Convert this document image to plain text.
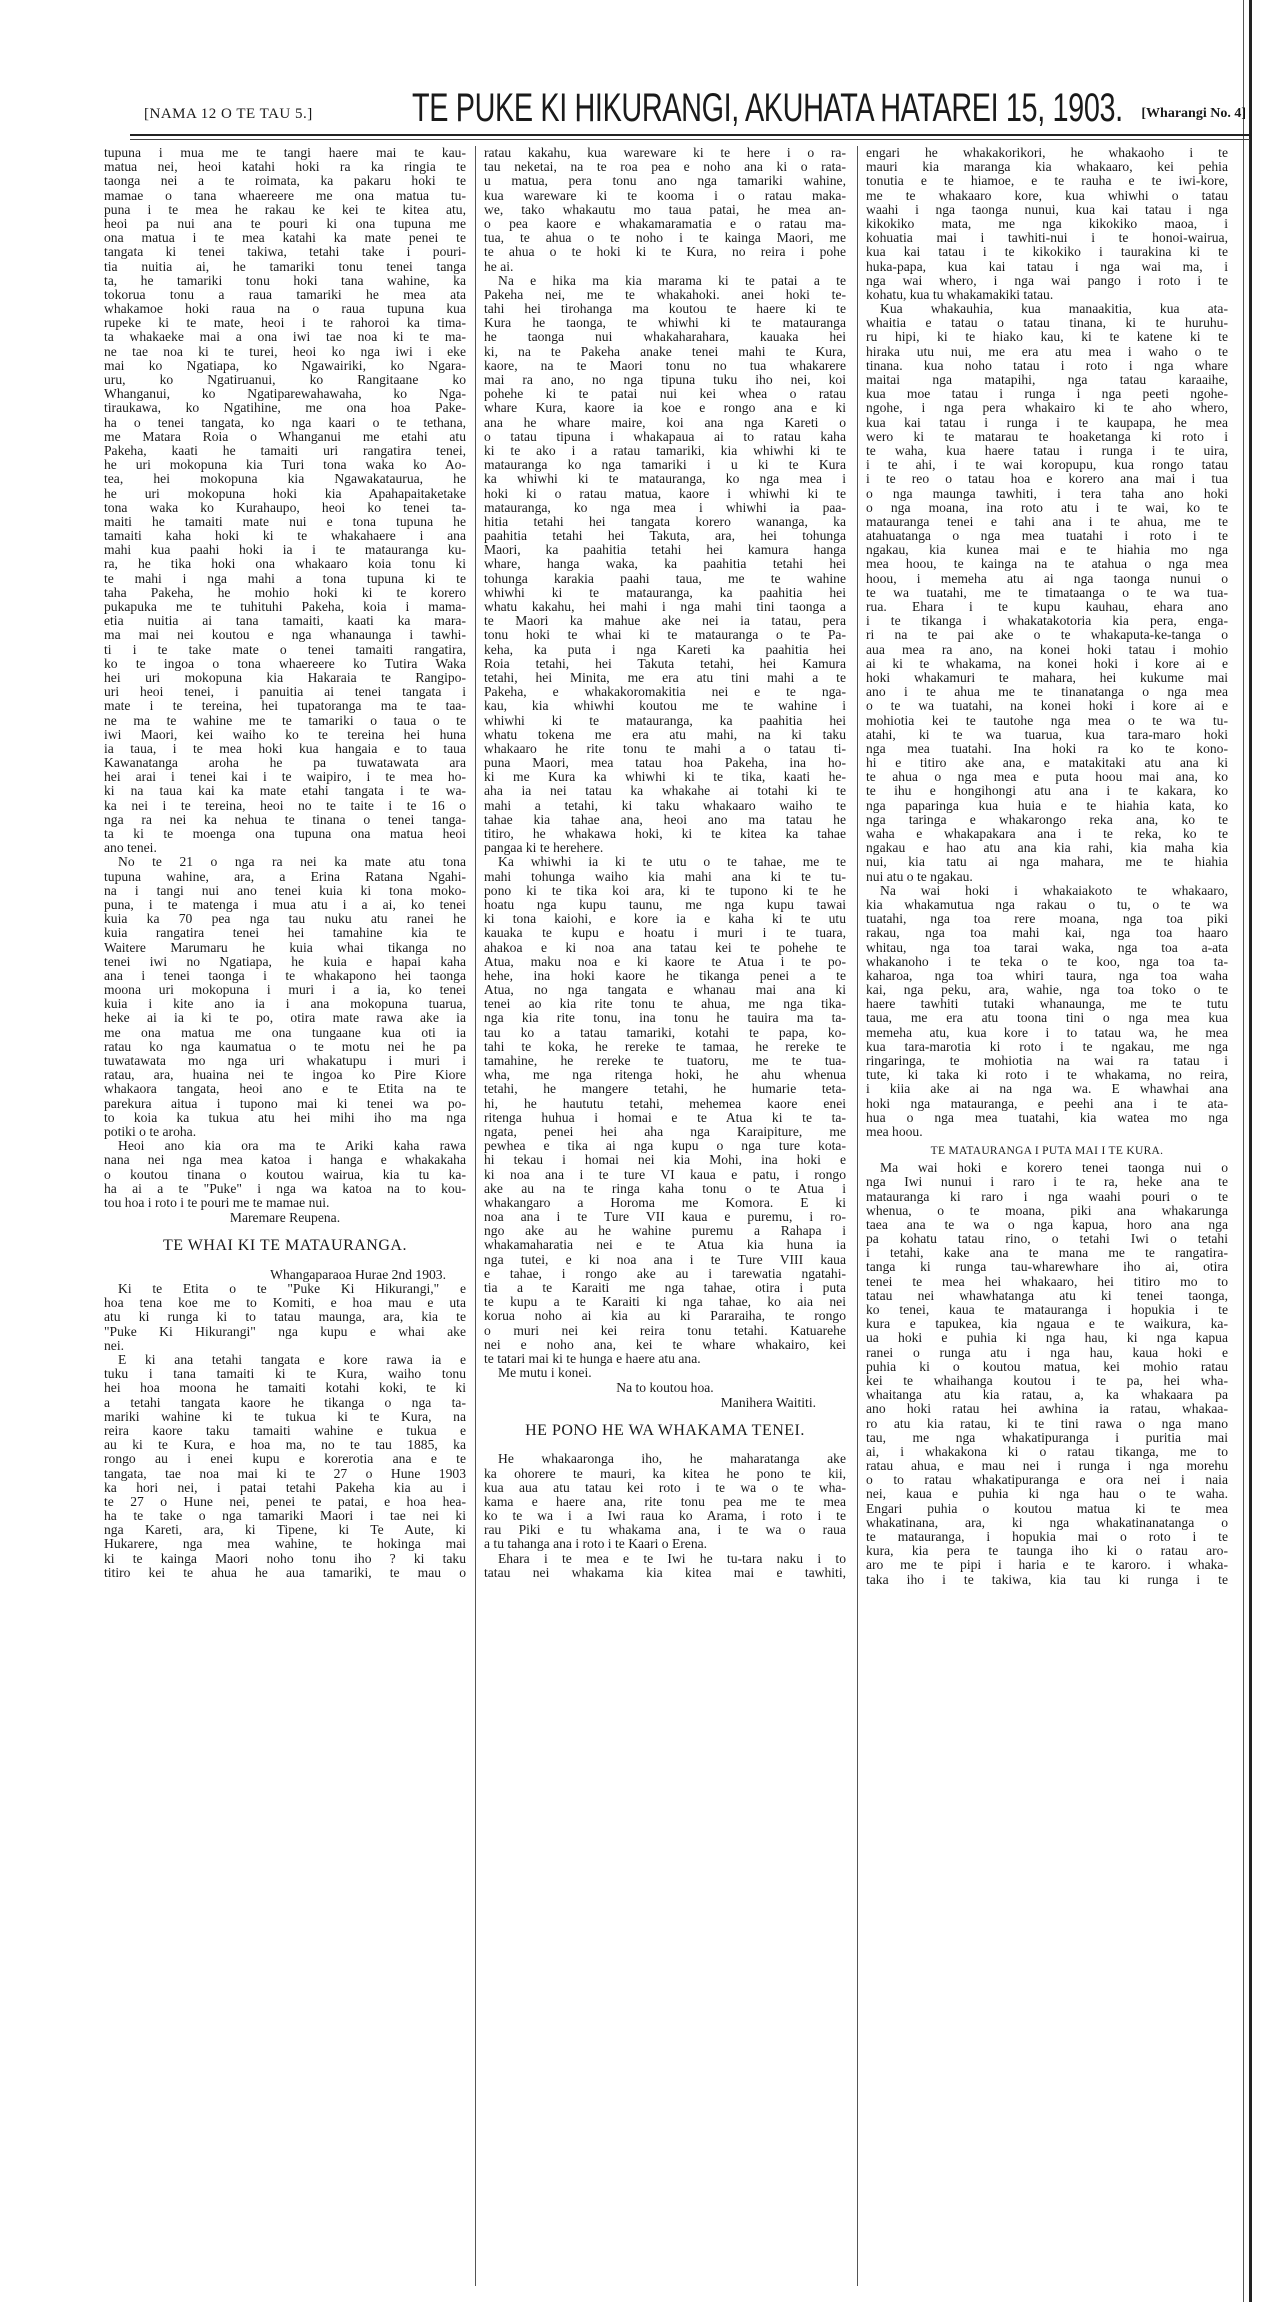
[NAMA 12 O TE TAU 5.] TE PUKE KI HIKURANGI, AKUHATA HATAREI 15, 1903. [Wharangi No. 4]
tupuna i mua me te tangi haere mai te kau-
matua nei, heoi katahi hoki ra ka ringia te
taonga nei a te roimata, ka pakaru hoki te
mamae o tana whaereere me ona matua tu-
puna i te mea he rakau ke kei te kitea atu,
heoi pa nui ana te pouri ki ona tupuna me
ona matua i te mea katahi ka mate penei te
tangata ki tenei takiwa, tetahi take i pouri-
tia nuitia ai, he tamariki tonu tenei tanga
ta, he tamariki tonu hoki tana wahine, ka
tokorua tonu a raua tamariki he mea ata
whakamoe hoki raua na o raua tupuna kua
rupeke ki te mate, heoi i te rahoroi ka tima-
ta whakaeke mai a ona iwi tae noa ki te ma-
ne tae noa ki te turei, heoi ko nga iwi i eke
mai ko Ngatiapa, ko Ngawairiki, ko Ngara-
uru, ko Ngatiruanui, ko Rangitaane ko
Whanganui, ko Ngatiparewahawaha, ko Nga-
tiraukawa, ko Ngatihine, me ona hoa Pake-
ha o tenei tangata, ko nga kaari o te tethana,
me Matara Roia o Whanganui me etahi atu
Pakeha, kaati he tamaiti uri rangatira tenei,
he uri mokopuna kia Turi tona waka ko Ao-
tea, hei mokopuna kia Ngawakataurua, he
he uri mokopuna hoki kia Apahapaitaketake
tona waka ko Kurahaupo, heoi ko tenei ta-
maiti he tamaiti mate nui e tona tupuna he
tamaiti kaha hoki ki te whakahaere i ana
mahi kua paahi hoki ia i te matauranga ku-
ra, he tika hoki ona whakaaro koia tonu ki
te mahi i nga mahi a tona tupuna ki te
taha Pakeha, he mohio hoki ki te korero
pukapuka me te tuhituhi Pakeha, koia i mama-
etia nuitia ai tana tamaiti, kaati ka mara-
ma mai nei koutou e nga whanaunga i tawhi-
ti i te take mate o tenei tamaiti rangatira,
ko te ingoa o tona whaereere ko Tutira Waka
hei uri mokopuna kia Hakaraia te Rangipo-
uri heoi tenei, i panuitia ai tenei tangata i
mate i te tereina, hei tupatoranga ma te taa-
ne ma te wahine me te tamariki o taua o te
iwi Maori, kei waiho ko te tereina hei huna
ia taua, i te mea hoki kua hangaia e to taua
Kawanatanga aroha he pa tuwatawata ara
hei arai i tenei kai i te waipiro, i te mea ho-
ki na taua kai ka mate etahi tangata i te wa-
ka nei i te tereina, heoi no te taite i te 16 o
nga ra nei ka nehua te tinana o tenei tanga-
ta ki te moenga ona tupuna ona matua heoi
ano tenei.
No te 21 o nga ra nei ka mate atu tona
tupuna wahine, ara, a Erina Ratana Ngahi-
na i tangi nui ano tenei kuia ki tona moko-
puna, i te matenga i mua atu i a ai, ko tenei
kuia ka 70 pea nga tau nuku atu ranei he
kuia rangatira tenei hei tamahine kia te
Waitere Marumaru he kuia whai tikanga no
tenei iwi no Ngatiapa, he kuia e hapai kaha
ana i tenei taonga i te whakapono hei taonga
moona uri mokopuna i muri i a ia, ko tenei
kuia i kite ano ia i ana mokopuna tuarua,
heke ai ia ki te po, otira mate rawa ake ia
me ona matua me ona tungaane kua oti ia
ratau ko nga kaumatua o te motu nei he pa
tuwatawata mo nga uri whakatupu i muri i
ratau, ara, huaina nei te ingoa ko Pire Kiore
whakaora tangata, heoi ano e te Etita na te
parekura aitua i tupono mai ki tenei wa po-
to koia ka tukua atu hei mihi iho ma nga
potiki o te aroha.
Heoi ano kia ora ma te Ariki kaha rawa
nana nei nga mea katoa i hanga e whakakaha
o koutou tinana o koutou wairua, kia tu ka-
ha ai a te "Puke" i nga wa katoa na to kou-
tou hoa i roto i te pouri me te mamae nui.
Maremare Reupena.
TE WHAI KI TE MATAURANGA.
Whangaparaoa Hurae 2nd 1903.
Ki te Etita o te "Puke Ki Hikurangi," e
hoa tena koe me to Komiti, e hoa mau e uta
atu ki runga ki to tatau maunga, ara, kia te
"Puke Ki Hikurangi" nga kupu e whai ake
nei.
E ki ana tetahi tangata e kore rawa ia e
tuku i tana tamaiti ki te Kura, waiho tonu
hei hoa moona he tamaiti kotahi koki, te ki
a tetahi tangata kaore he tikanga o nga ta-
mariki wahine ki te tukua ki te Kura, na
reira kaore taku tamaiti wahine e tukua e
au ki te Kura, e hoa ma, no te tau 1885, ka
rongo au i enei kupu e korerotia ana e te
tangata, tae noa mai ki te 27 o Hune 1903
ka hori nei, i patai tetahi Pakeha kia au i
te 27 o Hune nei, penei te patai, e hoa hea-
ha te take o nga tamariki Maori i tae nei ki
nga Kareti, ara, ki Tipene, ki Te Aute, ki
Hukarere, nga mea wahine, te hokinga mai
ki te kainga Maori noho tonu iho ? ki taku
titiro kei te ahua he aua tamariki, te mau o
ratau kakahu, kua wareware ki te here i o ra-
tau neketai, na te roa pea e noho ana ki o rata-
u matua, pera tonu ano nga tamariki wahine,
kua wareware ki te kooma i o ratau maka-
we, tako whakautu mo taua patai, he mea an-
o pea kaore e whakamaramatia e o ratau ma-
tua, te ahua o te noho i te kainga Maori, me
te ahua o te hoki ki te Kura, no reira i pohe
he ai.
Na e hika ma kia marama ki te patai a te
Pakeha nei, me te whakahoki. anei hoki te-
tahi hei tirohanga ma koutou te haere ki te
Kura he taonga, te whiwhi ki te matauranga
he taonga nui whakaharahara, kauaka hei
ki, na te Pakeha anake tenei mahi te Kura,
kaore, na te Maori tonu no tua whakarere
mai ra ano, no nga tipuna tuku iho nei, koi
pohehe ki te patai nui kei whea o ratau
whare Kura, kaore ia koe e rongo ana e ki
ana he whare maire, koi ana nga Kareti o
o tatau tipuna i whakapaua ai to ratau kaha
ki te ako i a ratau tamariki, kia whiwhi ki te
matauranga ko nga tamariki i u ki te Kura
ka whiwhi ki te matauranga, ko nga mea i
hoki ki o ratau matua, kaore i whiwhi ki te
matauranga, ko nga mea i whiwhi ia paa-
hitia tetahi hei tangata korero wananga, ka
paahitia tetahi hei Takuta, ara, hei tohunga
Maori, ka paahitia tetahi hei kamura hanga
whare, hanga waka, ka paahitia tetahi hei
tohunga karakia paahi taua, me te wahine
whiwhi ki te matauranga, ka paahitia hei
whatu kakahu, hei mahi i nga mahi tini taonga a
te Maori ka mahue ake nei ia tatau, pera
tonu hoki te whai ki te matauranga o te Pa-
keha, ka puta i nga Kareti ka paahitia hei
Roia tetahi, hei Takuta tetahi, hei Kamura
tetahi, hei Minita, me era atu tini mahi a te
Pakeha, e whakakoromakitia nei e te nga-
kau, kia whiwhi koutou me te wahine i
whiwhi ki te matauranga, ka paahitia hei
whatu tokena me era atu mahi, na ki taku
whakaaro he rite tonu te mahi a o tatau ti-
puna Maori, mea tatau hoa Pakeha, ina ho-
ki me Kura ka whiwhi ki te tika, kaati he-
aha ia nei tatau ka whakahe ai totahi ki te
mahi a tetahi, ki taku whakaaro waiho te
tahae kia tahae ana, heoi ano ma tatau he
titiro, he whakawa hoki, ki te kitea ka tahae
pangaa ki te herehere.
Ka whiwhi ia ki te utu o te tahae, me te
mahi tohunga waiho kia mahi ana ki te tu-
pono ki te tika koi ara, ki te tupono ki te he
hoatu nga kupu taunu, me nga kupu tawai
ki tona kaiohi, e kore ia e kaha ki te utu
kauaka te kupu e hoatu i muri i te tuara,
ahakoa e ki noa ana tatau kei te pohehe te
Atua, maku noa e ki kaore te Atua i te po-
hehe, ina hoki kaore he tikanga penei a te
Atua, no nga tangata e whanau mai ana ki
tenei ao kia rite tonu te ahua, me nga tika-
nga kia rite tonu, ina tonu he tauira ma ta-
tau ko a tatau tamariki, kotahi te papa, ko-
tahi te koka, he rereke te tamaa, he rereke te
tamahine, he rereke te tuatoru, me te tua-
wha, me nga ritenga hoki, he ahu whenua
tetahi, he mangere tetahi, he humarie teta-
hi, he haututu tetahi, mehemea kaore enei
ritenga huhua i homai e te Atua ki te ta-
ngata, penei hei aha nga Karaipiture, me
pewhea e tika ai nga kupu o nga ture kota-
hi tekau i homai nei kia Mohi, ina hoki e
ki noa ana i te ture VI kaua e patu, i rongo
ake au na te ringa kaha tonu o te Atua i
whakangaro a Horoma me Komora. E ki
noa ana i te Ture VII kaua e puremu, i ro-
ngo ake au he wahine puremu a Rahapa i
whakamaharatia nei e te Atua kia huna ia
nga tutei, e ki noa ana i te Ture VIII kaua
e tahae, i rongo ake au i tarewatia ngatahi-
tia a te Karaiti me nga tahae, otira i puta
te kupu a te Karaiti ki nga tahae, ko aia nei
korua noho ai kia au ki Pararaiha, te rongo
o muri nei kei reira tonu tetahi. Katuarehe
nei e noho ana, kei te whare whakairo, kei
te tatari mai ki te hunga e haere atu ana.
Me mutu i konei.
Na to koutou hoa.
Manihera Waititi.
HE PONO HE WA WHAKAMA TENEI.
He whakaaronga iho, he maharatanga ake
ka ohorere te mauri, ka kitea he pono te kii,
kua aua atu tatau kei roto i te wa o te wha-
kama e haere ana, rite tonu pea me te mea
ko te wa i a Iwi raua ko Arama, i roto i te
rau Piki e tu whakama ana, i te wa o raua
a tu tahanga ana i roto i te Kaari o Erena.
Ehara i te mea e te Iwi he tu-tara naku i to
tatau nei whakama kia kitea mai e tawhiti,
engari he whakakorikori, he whakaoho i te
mauri kia maranga kia whakaaro, kei pehia
tonutia e te hiamoe, e te rauha e te iwi-kore,
me te whakaaro kore, kua whiwhi o tatau
waahi i nga taonga nunui, kua kai tatau i nga
kikokiko mata, me nga kikokiko maoa, i
kohuatia mai i tawhiti-nui i te honoi-wairua,
kua kai tatau i te kikokiko i taurakina ki te
huka-papa, kua kai tatau i nga wai ma, i
nga wai whero, i nga wai pango i roto i te
kohatu, kua tu whakamakiki tatau.
Kua whakauhia, kua manaakitia, kua ata-
whaitia e tatau o tatau tinana, ki te huruhu-
ru hipi, ki te hiako kau, ki te katene ki te
hiraka utu nui, me era atu mea i waho o te
tinana. kua noho tatau i roto i nga whare
maitai nga matapihi, nga tatau karaaihe,
kua moe tatau i runga i nga peeti ngohe-
ngohe, i nga pera whakairo ki te aho whero,
kua kai tatau i runga i te kaupapa, he mea
wero ki te matarau te hoaketanga ki roto i
te waha, kua haere tatau i runga i te uira,
i te ahi, i te wai koropupu, kua rongo tatau
i te reo o tatau hoa e korero ana mai i tua
o nga maunga tawhiti, i tera taha ano hoki
o nga moana, ina roto atu i te wai, ko te
matauranga tenei e tahi ana i te ahua, me te
atahuatanga o nga mea tuatahi i roto i te
ngakau, kia kunea mai e te hiahia mo nga
mea hoou, te kainga na te atahua o nga mea
hoou, i memeha atu ai nga taonga nunui o
te wa tuatahi, me te timataanga o te wa tua-
rua. Ehara i te kupu kauhau, ehara ano
i te tikanga i whakatakotoria kia pera, enga-
ri na te pai ake o te whakaputa-ke-tanga o
aua mea ra ano, na konei hoki tatau i mohio
ai ki te whakama, na konei hoki i kore ai e
hoki whakamuri te mahara, hei kukume mai
ano i te ahua me te tinanatanga o nga mea
o te wa tuatahi, na konei hoki i kore ai e
mohiotia kei te tautohe nga mea o te wa tu-
atahi, ki te wa tuarua, kua tara-maro hoki
nga mea tuatahi. Ina hoki ra ko te kono-
hi e titiro ake ana, e matakitaki atu ana ki
te ahua o nga mea e puta hoou mai ana, ko
te ihu e hongihongi atu ana i te kakara, ko
nga paparinga kua huia e te hiahia kata, ko
nga taringa e whakarongo reka ana, ko te
waha e whakapakara ana i te reka, ko te
ngakau e hao atu ana kia rahi, kia maha kia
nui, kia tatu ai nga mahara, me te hiahia
nui atu o te ngakau.
Na wai hoki i whakaiakoto te whakaaro,
kia whakamutua nga rakau o tu, o te wa
tuatahi, nga toa rere moana, nga toa piki
rakau, nga toa mahi kai, nga toa haaro
whitau, nga toa tarai waka, nga toa a-ata
whakanoho i te teka o te koo, nga toa ta-
kaharoa, nga toa whiri taura, nga toa waha
kai, nga peku, ara, wahie, nga toa toko o te
haere tawhiti tutaki whanaunga, me te tutu
taua, me era atu toona tini o nga mea kua
memeha atu, kua kore i to tatau wa, he mea
kua tara-marotia ki roto i te ngakau, me nga
ringaringa, te mohiotia na wai ra tatau i
tute, ki taka ki roto i te whakama, no reira,
i kiia ake ai na nga wa. E whawhai ana
hoki nga matauranga, e peehi ana i te ata-
hua o nga mea tuatahi, kia watea mo nga
mea hoou.
TE MATAURANGA I PUTA MAI I TE KURA.
Ma wai hoki e korero tenei taonga nui o
nga Iwi nunui i raro i te ra, heke ana te
matauranga ki raro i nga waahi pouri o te
whenua, o te moana, piki ana whakarunga
taea ana te wa o nga kapua, horo ana nga
pa kohatu tatau rino, o tetahi Iwi o tetahi
i tetahi, kake ana te mana me te rangatira-
tanga ki runga tau-wharewhare iho ai, otira
tenei te mea hei whakaaro, hei titiro mo to
tatau nei whawhatanga atu ki tenei taonga,
ko tenei, kaua te matauranga i hopukia i te
kura e tapukea, kia ngaua e te waikura, ka-
ua hoki e puhia ki nga hau, ki nga kapua
ranei o runga atu i nga hau, kaua hoki e
puhia ki o koutou matua, kei mohio ratau
kei te whaihanga koutou i te pa, hei wha-
whaitanga atu kia ratau, a, ka whakaara pa
ano hoki ratau hei awhina ia ratau, whakaa-
ro atu kia ratau, ki te tini rawa o nga mano
tau, me nga whakatipuranga i puritia mai
ai, i whakakona ki o ratau tikanga, me to
ratau ahua, e mau nei i runga i nga morehu
o to ratau whakatipuranga e ora nei i naia
nei, kaua e puhia ki nga hau o te waha.
Engari puhia o koutou matua ki te mea
whakatinana, ara, ki nga whakatinanatanga o
te matauranga, i hopukia mai o roto i te
kura, kia pera te taunga iho ki o ratau aro-
aro me te pipi i haria e te karoro. i whaka-
taka iho i te takiwa, kia tau ki runga i te
